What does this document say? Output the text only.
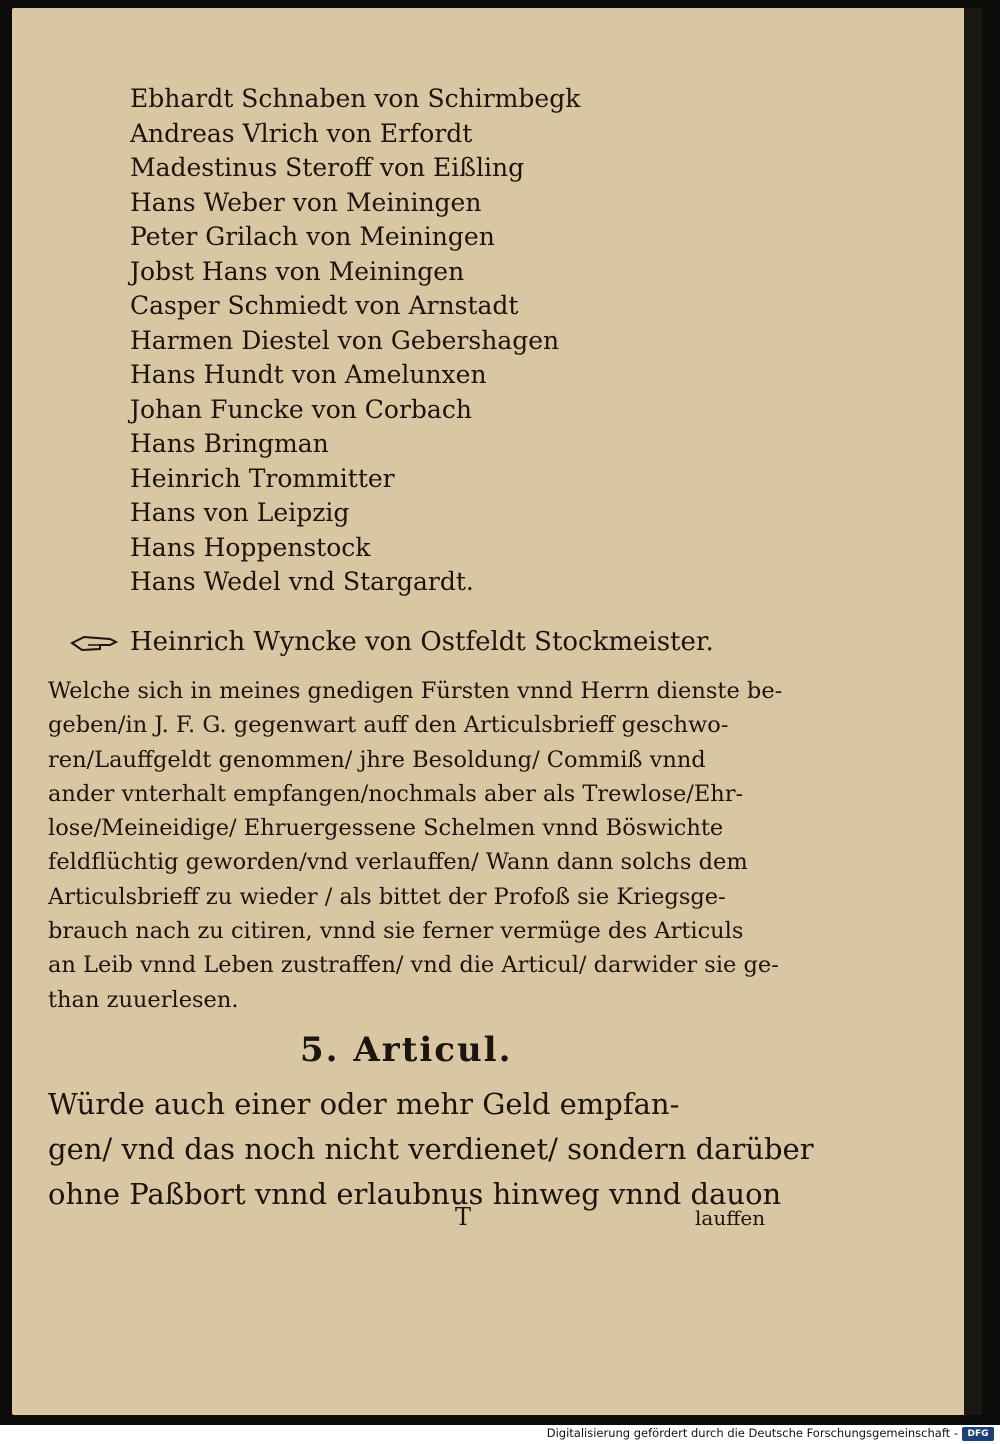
Ebhardt Schnaben von Schirmbegk
Andreas Vlrich von Erfordt
Madestinus Steroff von Eißling
Hans Weber von Meiningen
Peter Grilach von Meiningen
Jobst Hans von Meiningen
Casper Schmiedt von Arnstadt
Harmen Diestel von Gebershagen
Hans Hundt von Amelunxen
Johan Funcke von Corbach
Hans Bringman
Heinrich Trommitter
Hans von Leipzig
Hans Hoppenstock
Hans Wedel vnd Stargardt.
Heinrich Wyncke von Ostfeldt Stockmeister.
Welche sich in meines gnedigen Fürsten vnnd Herrn dienste be-
geben/in J. F. G. gegenwart auff den Articulsbrieff geschwo-
ren/Lauffgeldt genommen/ jhre Besoldung/ Commiß vnnd
ander vnterhalt empfangen/nochmals aber als Trewlose/Ehr-
lose/Meineidige/ Ehruergessene Schelmen vnnd Böswichte
feldflüchtig geworden/vnd verlauffen/ Wann dann solchs dem
Articulsbrieff zu wieder / als bittet der Profoß sie Kriegsge-
brauch nach zu citiren, vnnd sie ferner vermüge des Articuls
an Leib vnnd Leben zustraffen/ vnd die Articul/ darwider sie ge-
than zuuerlesen.
5. Articul.
Würde auch einer oder mehr Geld empfan-
gen/ vnd das noch nicht verdienet/ sondern darüber
ohne Paßbort vnnd erlaubnus hinweg vnnd dauon
T	lauffen
Digitalisierung gefördert durch die Deutsche Forschungsgemeinschaft -	DFG
